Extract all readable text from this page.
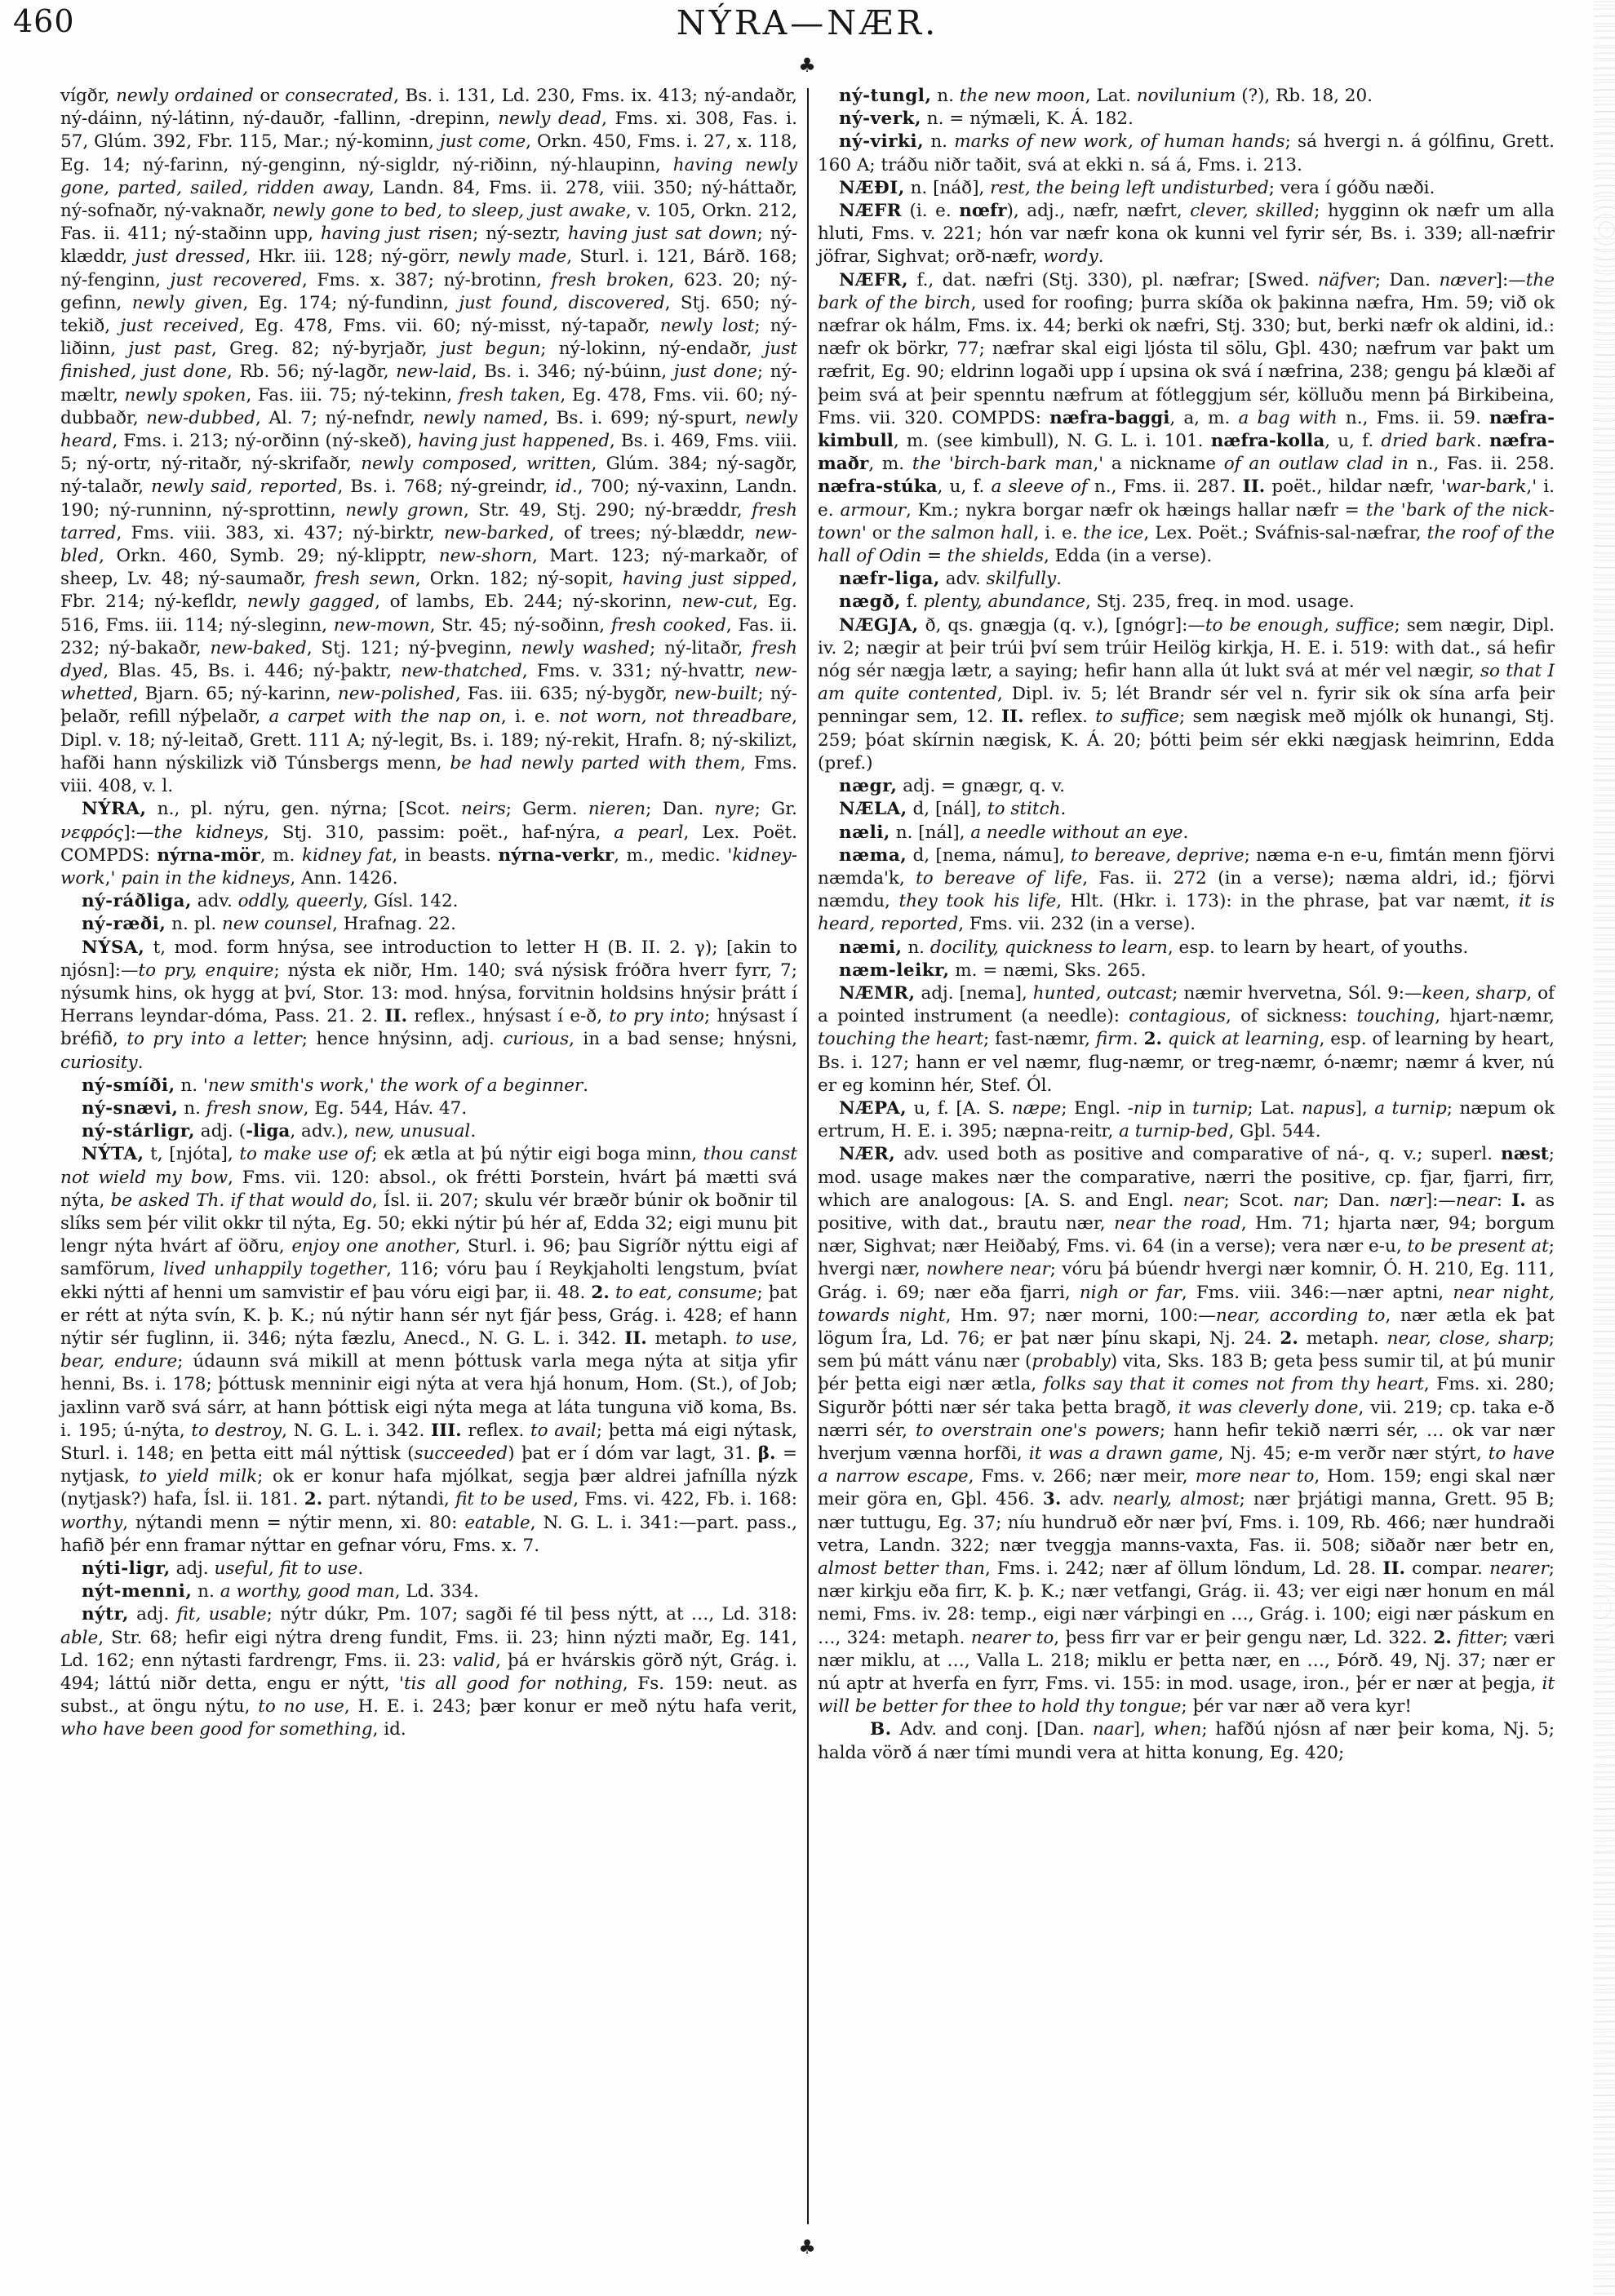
460	NÝRA—NÆR.
♣
♣

vígðr, newly ordained or consecrated, Bs. i. 131, Ld. 230, Fms. ix. 413; ný-andaðr, ný-dáinn, ný-látinn, ný-dauðr, -fallinn, -drepinn, newly dead, Fms. xi. 308, Fas. i. 57, Glúm. 392, Fbr. 115, Mar.; ný-kominn, just come, Orkn. 450, Fms. i. 27, x. 118, Eg. 14; ný-farinn, ný-genginn, ný-sigldr, ný-riðinn, ný-hlaupinn, having newly gone, parted, sailed, ridden away, Landn. 84, Fms. ii. 278, viii. 350; ný-háttaðr, ný-sofnaðr, ný-vaknaðr, newly gone to bed, to sleep, just awake, v. 105, Orkn. 212, Fas. ii. 411; ný-staðinn upp, having just risen; ný-seztr, having just sat down; ný-klæddr, just dressed, Hkr. iii. 128; ný-görr, newly made, Sturl. i. 121, Bárð. 168; ný-fenginn, just recovered, Fms. x. 387; ný-brotinn, fresh broken, 623. 20; ný-gefinn, newly given, Eg. 174; ný-fundinn, just found, discovered, Stj. 650; ný-tekið, just received, Eg. 478, Fms. vii. 60; ný-misst, ný-tapaðr, newly lost; ný-liðinn, just past, Greg. 82; ný-byrjaðr, just begun; ný-lokinn, ný-endaðr, just finished, just done, Rb. 56; ný-lagðr, new-laid, Bs. i. 346; ný-búinn, just done; ný-mæltr, newly spoken, Fas. iii. 75; ný-tekinn, fresh taken, Eg. 478, Fms. vii. 60; ný-dubbaðr, new-dubbed, Al. 7; ný-nefndr, newly named, Bs. i. 699; ný-spurt, newly heard, Fms. i. 213; ný-orðinn (ný-skeð), having just happened, Bs. i. 469, Fms. viii. 5; ný-ortr, ný-ritaðr, ný-skrifaðr, newly composed, written, Glúm. 384; ný-sagðr, ný-talaðr, newly said, reported, Bs. i. 768; ný-greindr, id., 700; ný-vaxinn, Landn. 190; ný-runninn, ný-sprottinn, newly grown, Str. 49, Stj. 290; ný-bræddr, fresh tarred, Fms. viii. 383, xi. 437; ný-birktr, new-barked, of trees; ný-blæddr, new-bled, Orkn. 460, Symb. 29; ný-klipptr, new-shorn, Mart. 123; ný-markaðr, of sheep, Lv. 48; ný-saumaðr, fresh sewn, Orkn. 182; ný-sopit, having just sipped, Fbr. 214; ný-kefldr, newly gagged, of lambs, Eb. 244; ný-skorinn, new-cut, Eg. 516, Fms. iii. 114; ný-sleginn, new-mown, Str. 45; ný-soðinn, fresh cooked, Fas. ii. 232; ný-bakaðr, new-baked, Stj. 121; ný-þveginn, newly washed; ný-litaðr, fresh dyed, Blas. 45, Bs. i. 446; ný-þaktr, new-thatched, Fms. v. 331; ný-hvattr, new-whetted, Bjarn. 65; ný-karinn, new-polished, Fas. iii. 635; ný-bygðr, new-built; ný-þelaðr, refill nýþelaðr, a carpet with the nap on, i. e. not worn, not threadbare, Dipl. v. 18; ný-leitað, Grett. 111 A; ný-legit, Bs. i. 189; ný-rekit, Hrafn. 8; ný-skilizt, hafði hann nýskilizk við Túnsbergs menn, be had newly parted with them, Fms. viii. 408, v. l.

NÝRA, n., pl. nýru, gen. nýrna; [Scot. neirs; Germ. nieren; Dan. nyre; Gr. νεφρός]:—the kidneys, Stj. 310, passim: poët., haf-nýra, a pearl, Lex. Poët. COMPDS: nýrna-mör, m. kidney fat, in beasts. nýrna-verkr, m., medic. 'kidney-work,' pain in the kidneys, Ann. 1426.

ný-ráðliga, adv. oddly, queerly, Gísl. 142.

ný-ræði, n. pl. new counsel, Hrafnag. 22.

NÝSA, t, mod. form hnýsa, see introduction to letter H (B. II. 2. γ); [akin to njósn]:—to pry, enquire; nýsta ek niðr, Hm. 140; svá nýsisk fróðra hverr fyrr, 7; nýsumk hins, ok hygg at því, Stor. 13: mod. hnýsa, forvitnin holdsins hnýsir þrátt í Herrans leyndar-dóma, Pass. 21. 2. II. reflex., hnýsast í e-ð, to pry into; hnýsast í bréfið, to pry into a letter; hence hnýsinn, adj. curious, in a bad sense; hnýsni, curiosity.

ný-smíði, n. 'new smith's work,' the work of a beginner.

ný-snævi, n. fresh snow, Eg. 544, Háv. 47.

ný-stárligr, adj. (-liga, adv.), new, unusual.

NÝTA, t, [njóta], to make use of; ek ætla at þú nýtir eigi boga minn, thou canst not wield my bow, Fms. vii. 120: absol., ok frétti Þorstein, hvárt þá mætti svá nýta, be asked Th. if that would do, Ísl. ii. 207; skulu vér bræðr búnir ok boðnir til slíks sem þér vilit okkr til nýta, Eg. 50; ekki nýtir þú hér af, Edda 32; eigi munu þit lengr nýta hvárt af öðru, enjoy one another, Sturl. i. 96; þau Sigríðr nýttu eigi af samförum, lived unhappily together, 116; vóru þau í Reykjaholti lengstum, þvíat ekki nýtti af henni um samvistir ef þau vóru eigi þar, ii. 48. 2. to eat, consume; þat er rétt at nýta svín, K. þ. K.; nú nýtir hann sér nyt fjár þess, Grág. i. 428; ef hann nýtir sér fuglinn, ii. 346; nýta fæzlu, Anecd., N. G. L. i. 342. II. metaph. to use, bear, endure; údaunn svá mikill at menn þóttusk varla mega nýta at sitja yfir henni, Bs. i. 178; þóttusk menninir eigi nýta at vera hjá honum, Hom. (St.), of Job; jaxlinn varð svá sárr, at hann þóttisk eigi nýta mega at láta tunguna við koma, Bs. i. 195; ú-nýta, to destroy, N. G. L. i. 342. III. reflex. to avail; þetta má eigi nýtask, Sturl. i. 148; en þetta eitt mál nýttisk (succeeded) þat er í dóm var lagt, 31. β. = nytjask, to yield milk; ok er konur hafa mjólkat, segja þær aldrei jafnílla nýzk (nytjask?) hafa, Ísl. ii. 181. 2. part. nýtandi, fit to be used, Fms. vi. 422, Fb. i. 168: worthy, nýtandi menn = nýtir menn, xi. 80: eatable, N. G. L. i. 341:—part. pass., hafið þér enn framar nýttar en gefnar vóru, Fms. x. 7.

nýti-ligr, adj. useful, fit to use.

nýt-menni, n. a worthy, good man, Ld. 334.

nýtr, adj. fit, usable; nýtr dúkr, Pm. 107; sagði fé til þess nýtt, at …, Ld. 318: able, Str. 68; hefir eigi nýtra dreng fundit, Fms. ii. 23; hinn nýzti maðr, Eg. 141, Ld. 162; enn nýtasti fardrengr, Fms. ii. 23: valid, þá er hvárskis görð nýt, Grág. i. 494; láttú niðr detta, engu er nýtt, 'tis all good for nothing, Fs. 159: neut. as subst., at öngu nýtu, to no use, H. E. i. 243; þær konur er með nýtu hafa verit, who have been good for something, id.

ný-tungl, n. the new moon, Lat. novilunium (?), Rb. 18, 20.

ný-verk, n. = nýmæli, K. Á. 182.

ný-virki, n. marks of new work, of human hands; sá hvergi n. á gólfinu, Grett. 160 A; tráðu niðr taðit, svá at ekki n. sá á, Fms. i. 213.

NÆÐI, n. [náð], rest, the being left undisturbed; vera í góðu næði.

NÆFR (i. e. nœfr), adj., næfr, næfrt, clever, skilled; hygginn ok næfr um alla hluti, Fms. v. 221; hón var næfr kona ok kunni vel fyrir sér, Bs. i. 339; all-næfrir jöfrar, Sighvat; orð-næfr, wordy.

NÆFR, f., dat. næfri (Stj. 330), pl. næfrar; [Swed. näfver; Dan. næver]:—the bark of the birch, used for roofing; þurra skíða ok þakinna næfra, Hm. 59; við ok næfrar ok hálm, Fms. ix. 44; berki ok næfri, Stj. 330; but, berki næfr ok aldini, id.: næfr ok börkr, 77; næfrar skal eigi ljósta til sölu, Gþl. 430; næfrum var þakt um ræfrit, Eg. 90; eldrinn logaði upp í upsina ok svá í næfrina, 238; gengu þá klæði af þeim svá at þeir spenntu næfrum at fótleggjum sér, kölluðu menn þá Birkibeina, Fms. vii. 320. COMPDS: næfra-baggi, a, m. a bag with n., Fms. ii. 59. næfra-kimbull, m. (see kimbull), N. G. L. i. 101. næfra-kolla, u, f. dried bark. næfra-maðr, m. the 'birch-bark man,' a nickname of an outlaw clad in n., Fas. ii. 258. næfra-stúka, u, f. a sleeve of n., Fms. ii. 287. II. poët., hildar næfr, 'war-bark,' i. e. armour, Km.; nykra borgar næfr ok hæings hallar næfr = the 'bark of the nick-town' or the salmon hall, i. e. the ice, Lex. Poët.; Sváfnis-sal-næfrar, the roof of the hall of Odin = the shields, Edda (in a verse).

næfr-liga, adv. skilfully.

nægð, f. plenty, abundance, Stj. 235, freq. in mod. usage.

NÆGJA, ð, qs. gnægja (q. v.), [gnógr]:—to be enough, suffice; sem nægir, Dipl. iv. 2; nægir at þeir trúi því sem trúir Heilög kirkja, H. E. i. 519: with dat., sá hefir nóg sér nægja lætr, a saying; hefir hann alla út lukt svá at mér vel nægir, so that I am quite contented, Dipl. iv. 5; lét Brandr sér vel n. fyrir sik ok sína arfa þeir penningar sem, 12. II. reflex. to suffice; sem nægisk með mjólk ok hunangi, Stj. 259; þóat skírnin nægisk, K. Á. 20; þótti þeim sér ekki nægjask heimrinn, Edda (pref.)

nægr, adj. = gnægr, q. v.

NÆLA, d, [nál], to stitch.

næli, n. [nál], a needle without an eye.

næma, d, [nema, námu], to bereave, deprive; næma e-n e-u, fimtán menn fjörvi næmda'k, to bereave of life, Fas. ii. 272 (in a verse); næma aldri, id.; fjörvi næmdu, they took his life, Hlt. (Hkr. i. 173): in the phrase, þat var næmt, it is heard, reported, Fms. vii. 232 (in a verse).

næmi, n. docility, quickness to learn, esp. to learn by heart, of youths.

næm-leikr, m. = næmi, Sks. 265.

NÆMR, adj. [nema], hunted, outcast; næmir hvervetna, Sól. 9:—keen, sharp, of a pointed instrument (a needle): contagious, of sickness: touching, hjart-næmr, touching the heart; fast-næmr, firm. 2. quick at learning, esp. of learning by heart, Bs. i. 127; hann er vel næmr, flug-næmr, or treg-næmr, ó-næmr; næmr á kver, nú er eg kominn hér, Stef. Ól.

NÆPA, u, f. [A. S. næpe; Engl. -nip in turnip; Lat. napus], a turnip; næpum ok ertrum, H. E. i. 395; næpna-reitr, a turnip-bed, Gþl. 544.

NÆR, adv. used both as positive and comparative of ná-, q. v.; superl. næst; mod. usage makes nær the comparative, nærri the positive, cp. fjar, fjarri, firr, which are analogous: [A. S. and Engl. near; Scot. nar; Dan. nær]:—near: I. as positive, with dat., brautu nær, near the road, Hm. 71; hjarta nær, 94; borgum nær, Sighvat; nær Heiðabý, Fms. vi. 64 (in a verse); vera nær e-u, to be present at; hvergi nær, nowhere near; vóru þá búendr hvergi nær komnir, Ó. H. 210, Eg. 111, Grág. i. 69; nær eða fjarri, nigh or far, Fms. viii. 346:—nær aptni, near night, towards night, Hm. 97; nær morni, 100:—near, according to, nær ætla ek þat lögum Íra, Ld. 76; er þat nær þínu skapi, Nj. 24. 2. metaph. near, close, sharp; sem þú mátt vánu nær (probably) vita, Sks. 183 B; geta þess sumir til, at þú munir þér þetta eigi nær ætla, folks say that it comes not from thy heart, Fms. xi. 280; Sigurðr þótti nær sér taka þetta bragð, it was cleverly done, vii. 219; cp. taka e-ð nærri sér, to overstrain one's powers; hann hefir tekið nærri sér, … ok var nær hverjum vænna horfði, it was a drawn game, Nj. 45; e-m verðr nær stýrt, to have a narrow escape, Fms. v. 266; nær meir, more near to, Hom. 159; engi skal nær meir göra en, Gþl. 456. 3. adv. nearly, almost; nær þrjátigi manna, Grett. 95 B; nær tuttugu, Eg. 37; níu hundruð eðr nær því, Fms. i. 109, Rb. 466; nær hundraði vetra, Landn. 322; nær tveggja manns-vaxta, Fas. ii. 508; siðaðr nær betr en, almost better than, Fms. i. 242; nær af öllum löndum, Ld. 28. II. compar. nearer; nær kirkju eða firr, K. þ. K.; nær vetfangi, Grág. ii. 43; ver eigi nær honum en mál nemi, Fms. iv. 28: temp., eigi nær várþingi en …, Grág. i. 100; eigi nær páskum en …, 324: metaph. nearer to, þess firr var er þeir gengu nær, Ld. 322. 2. fitter; væri nær miklu, at …, Valla L. 218; miklu er þetta nær, en …, Þórð. 49, Nj. 37; nær er nú aptr at hverfa en fyrr, Fms. vi. 155: in mod. usage, iron., þér er nær at þegja, it will be better for thee to hold thy tongue; þér var nær að vera kyr!

B. Adv. and conj. [Dan. naar], when; hafðú njósn af nær þeir koma, Nj. 5; halda vörð á nær tími mundi vera at hitta konung, Eg. 420;
